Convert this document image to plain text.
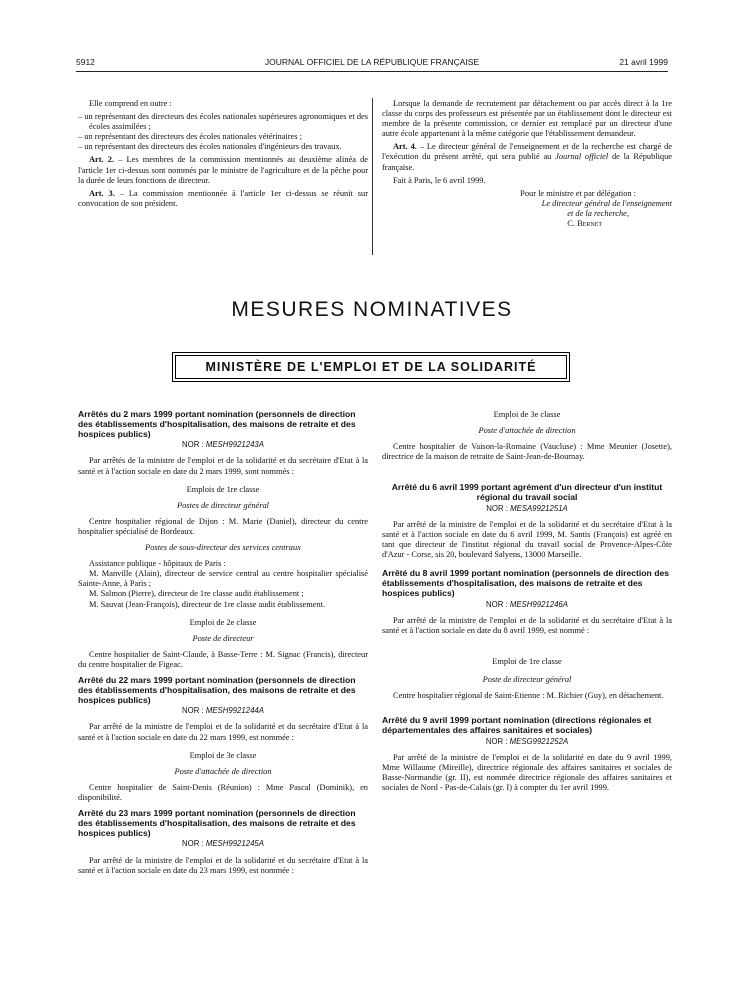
5912	JOURNAL OFFICIEL DE LA RÉPUBLIQUE FRANÇAISE	21 avril 1999

Elle comprend en outre :

– un représentant des directeurs des écoles nationales supérieures agronomiques et des écoles assimilées ;

– un représentant des directeurs des écoles nationales vétérinaires ;

– un représentant des directeurs des écoles nationales d'ingénieurs des travaux.

Art. 2. – Les membres de la commission mentionnés au deuxième alinéa de l'article 1er ci-dessus sont nommés par le ministre de l'agriculture et de la pêche pour la durée de leurs fonctions de directeur.

Art. 3. – La commission mentionnée à l'article 1er ci-dessus se réunit sur convocation de son président.

Lorsque la demande de recrutement par détachement ou par accès direct à la 1re classe du corps des professeurs est présentée par un établissement dont le directeur est membre de la présente commission, ce dernier est remplacé par un directeur d'une autre école appartenant à la même catégorie que l'établissement demandeur.

Art. 4. – Le directeur général de l'enseignement et de la recherche est chargé de l'exécution du présent arrêté, qui sera publié au Journal officiel de la République française.

Fait à Paris, le 6 avril 1999.

Pour le ministre et par délégation :

Le directeur général de l'enseignement

et de la recherche,

C. Bernet

MESURES NOMINATIVES
MINISTÈRE DE L'EMPLOI ET DE LA SOLIDARITÉ

Arrêtés du 2 mars 1999 portant nomination (personnels de direction des établissements d'hospitalisation, des maisons de retraite et des hospices publics)

NOR : MESH9921243A

Par arrêtés de la ministre de l'emploi et de la solidarité et du secrétaire d'Etat à la santé et à l'action sociale en date du 2 mars 1999, sont nommés :

Emplois de 1re classe

Postes de directeur général

Centre hospitalier régional de Dijon : M. Marie (Daniel), directeur du centre hospitalier spécialisé de Bordeaux.

Postes de sous-directeur des services centraux

Assistance publique - hôpitaux de Paris :

M. Manville (Alain), directeur de service central au centre hospitalier spécialisé Sainte-Anne, à Paris ;

M. Salmon (Pierre), directeur de 1re classe audit établissement ;

M. Sauvat (Jean-François), directeur de 1re classe audit établissement.

Emploi de 2e classe

Poste de directeur

Centre hospitalier de Saint-Claude, à Basse-Terre : M. Signac (Francis), directeur du centre hospitalier de Figeac.

Arrêté du 22 mars 1999 portant nomination (personnels de direction des établissements d'hospitalisation, des maisons de retraite et des hospices publics)

NOR : MESH9921244A

Par arrêté de la ministre de l'emploi et de la solidarité et du secrétaire d'Etat à la santé et à l'action sociale en date du 22 mars 1999, est nommée :

Emploi de 3e classe

Poste d'attachée de direction

Centre hospitalier de Saint-Denis (Réunion) : Mme Pascal (Dominik), en disponibilité.

Arrêté du 23 mars 1999 portant nomination (personnels de direction des établissements d'hospitalisation, des maisons de retraite et des hospices publics)

NOR : MESH9921245A

Par arrêté de la ministre de l'emploi et de la solidarité et du secrétaire d'Etat à la santé et à l'action sociale en date du 23 mars 1999, est nommée :

Emploi de 3e classe

Poste d'attachée de direction

Centre hospitalier de Vaison-la-Romaine (Vaucluse) : Mme Meunier (Josette), directrice de la maison de retraite de Saint-Jean-de-Bournay.

Arrêté du 6 avril 1999 portant agrément d'un directeur d'un institut régional du travail social

NOR : MESA9921251A

Par arrêté de la ministre de l'emploi et de la solidarité et du secrétaire d'Etat à la santé et à l'action sociale en date du 6 avril 1999, M. Santis (François) est agréé en tant que directeur de l'institut régional du travail social de Provence-Alpes-Côte d'Azur - Corse, sis 20, boulevard Salyens, 13000 Marseille.

Arrêté du 8 avril 1999 portant nomination (personnels de direction des établissements d'hospitalisation, des maisons de retraite et des hospices publics)

NOR : MESH9921246A

Par arrêté de la ministre de l'emploi et de la solidarité et du secrétaire d'Etat à la santé et à l'action sociale en date du 8 avril 1999, est nommé :

Emploi de 1re classe

Poste de directeur général

Centre hospitalier régional de Saint-Etienne : M. Richier (Guy), en détachement.

Arrêté du 9 avril 1999 portant nomination (directions régionales et départementales des affaires sanitaires et sociales)

NOR : MESG9921252A

Par arrêté de la ministre de l'emploi et de la solidarité en date du 9 avril 1999, Mme Willaume (Mireille), directrice régionale des affaires sanitaires et sociales de Basse-Normandie (gr. II), est nommée directrice régionale des affaires sanitaires et sociales de Nord - Pas-de-Calais (gr. I) à compter du 1er avril 1999.
